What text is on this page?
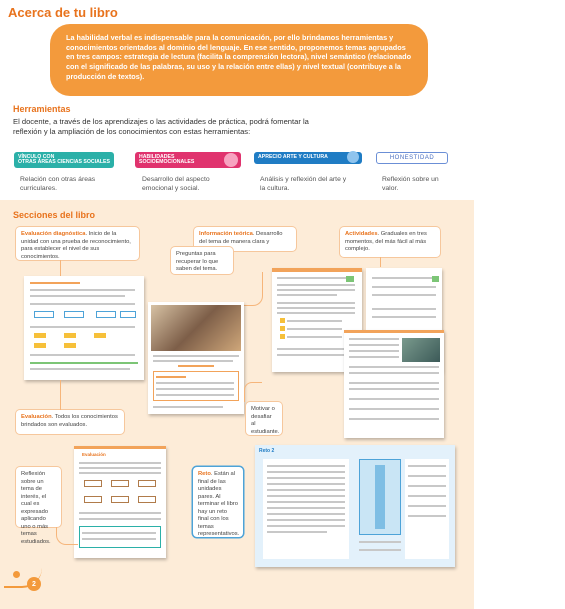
Acerca de tu libro
La habilidad verbal es indispensable para la comunicación, por ello brindamos herramientas y conocimientos orientados al dominio del lenguaje. En ese sentido, proponemos temas agrupados en tres campos: estrategia de lectura (facilita la comprensión lectora), nivel semántico (relacionado con el significado de las palabras, su uso y la relación entre ellas) y nivel textual (contribuye a la producción de textos).
Herramientas
El docente, a través de los aprendizajes o las actividades de práctica, podrá fomentar la reflexión y la ampliación de los conocimientos con estas herramientas:
VÍNCULO CON
OTRAS ÁREAS CIENCIAS SOCIALES
Relación con otras áreas curriculares.
HABILIDADES
SOCIOEMOCIONALES
Desarrollo del aspecto emocional y social.
APRECIO ARTE Y CULTURA
Análisis y reflexión del arte y la cultura.
HONESTIDAD
Reflexión sobre un valor.
Secciones del libro
Evaluación diagnóstica. Inicio de la unidad con una prueba de reconocimiento, para establecer el nivel de sus conocimientos.
Información teórica. Desarrollo del tema de manera clara y
Actividades. Graduales en tres momentos, del más fácil al más complejo.
Preguntas para recuperar lo que saben del tema.
Evaluación. Todos los conocimientos brindados son evaluados.
Motivar o desafiar al estudiante.
Evaluación
Reflexión sobre un tema de interés, el cual es expresado aplicando uno o más temas estudiados.
Reto. Están al final de las unidades pares. Al terminar el libro hay un reto final con los temas representativos.
Reto 2
2
